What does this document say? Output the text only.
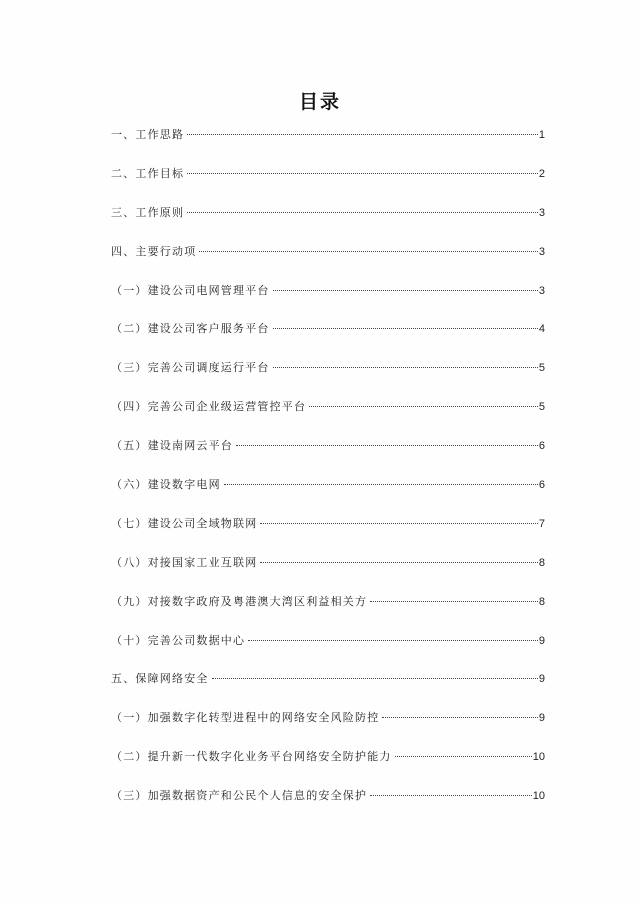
目录
一、工作思路	1
二、工作目标	2
三、工作原则	3
四、主要行动项	3
（一）建设公司电网管理平台	3
（二）建设公司客户服务平台	4
（三）完善公司调度运行平台	5
（四）完善公司企业级运营管控平台	5
（五）建设南网云平台	6
（六）建设数字电网	6
（七）建设公司全域物联网	7
（八）对接国家工业互联网	8
（九）对接数字政府及粤港澳大湾区利益相关方	8
（十）完善公司数据中心	9
五、保障网络安全	9
（一）加强数字化转型进程中的网络安全风险防控	9
（二）提升新一代数字化业务平台网络安全防护能力	10
（三）加强数据资产和公民个人信息的安全保护	10
